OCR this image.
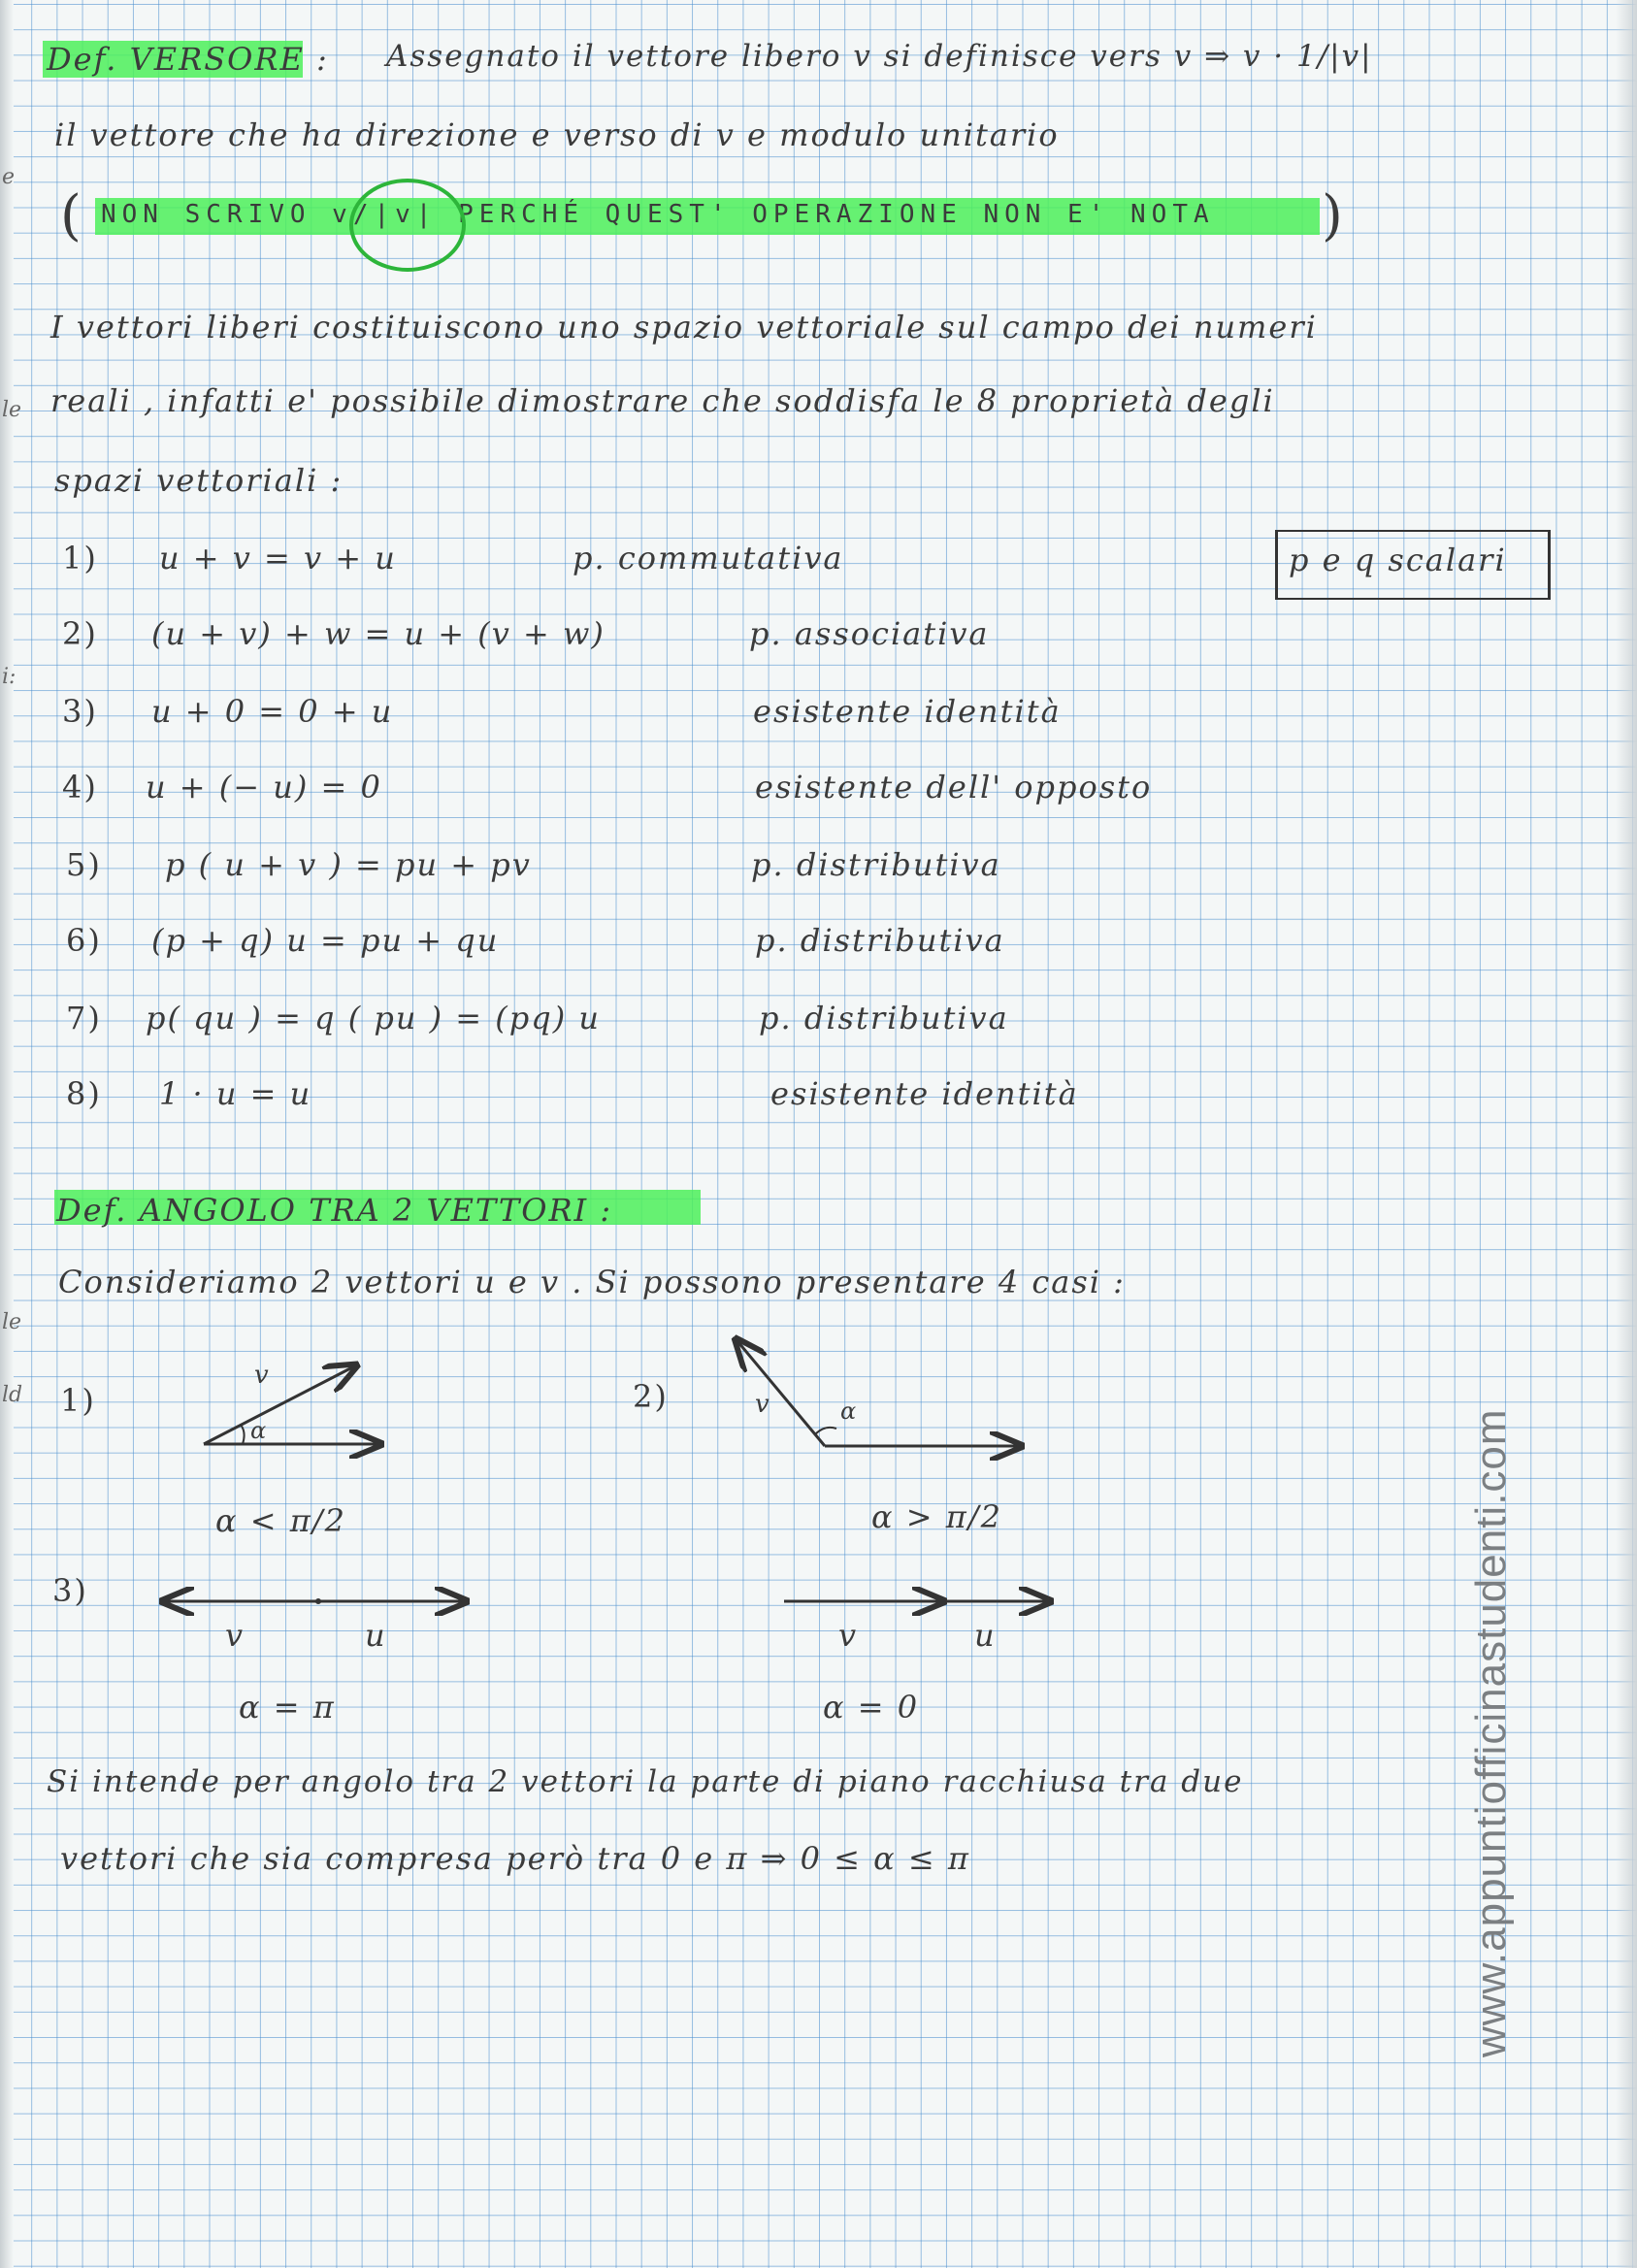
e
le
i:
le
ld
Def. VERSORE : Assegnato il vettore libero v si definisce vers v ⇒ v · 1/|v|
il vettore che ha direzione e verso di v e modulo unitario
( NON SCRIVO v/|v| PERCHÉ QUEST' OPERAZIONE NON E' NOTA )
I vettori liberi costituiscono uno spazio vettoriale sul campo dei numeri
reali , infatti e' possibile dimostrare che soddisfa le 8 proprietà degli
spazi vettoriali :
p e q scalari
1) u + v = v + u	p. commutativa
2) (u + v) + w = u + (v + w)	p. associativa
3) u + 0 = 0 + u	esistente identità
4) u + (− u) = 0	esistente dell' opposto
5) p ( u + v ) = pu + pv	p. distributiva
6) (p + q) u = pu + qu	p. distributiva
7) p( qu ) = q ( pu ) = (pq) u	p. distributiva
8) 1 · u = u	esistente identità
Def. ANGOLO TRA 2 VETTORI :
Consideriamo 2 vettori u e v . Si possono presentare 4 casi :
1)
v
α
α < π/2
2)	v	α
α > π/2
3)
v	u
α = π
v	u
α = 0
Si intende per angolo tra 2 vettori la parte di piano racchiusa tra due
vettori che sia compresa però tra 0 e π ⇒ 0 ≤ α ≤ π	www.appuntiofficinastudenti.com
